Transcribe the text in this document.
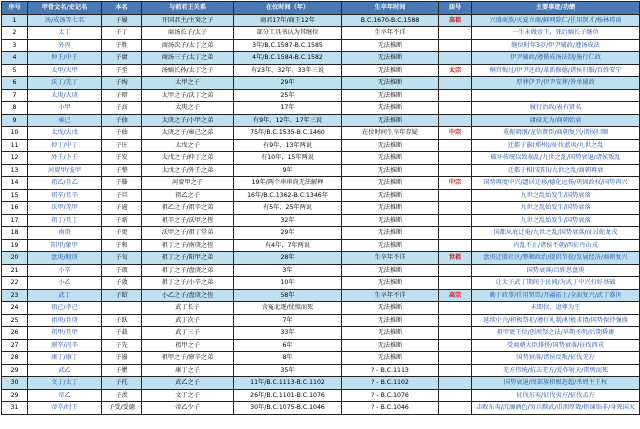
序号	甲骨文名/史记名	本名	与前君王关系	在位时间（年）	生卒年时间	庙号	主要事迹/功绩
1	汤/成汤等七名	子履	开国君主/主癸之子	商君17年/商王12年	B.C.1670-B.C.1588	高祖	兴盛商族/灭夏立商/鲜网除仁/任用贤才/杨林祷雨
2	太丁	子丁	商汤长子/太子	部分工具书认为其继位	生卒年不详		一生未做帝王，死后嫡长子继位
3	外丙	子胜	商汤次子/太丁之弟	3年/B.C.1587-B.C.1585	无法推断		继位时年3岁/伊尹辅政/遵汤成法
4	仲壬/中壬	子庸	商汤三子/太丁之弟	4年/B.C.1584-B.C.1582	无法推断		伊尹辅政/遵循成汤法制/施行仁政
5	太甲/大甲	子至	汤嫡长孙/太丁之子	有23年、32年、33年三说	无法推断	太宗	桐宫悔过/伊尹还政/革新修德/诸侯归服/百姓安宁
6	沃丁/羌丁	子绚	太甲之子	29年	无法推断		厚葬伊尹/伊尹安葬/咎单辅政
7	太庚/大庚	子辩	太甲之子/沃丁之弟	25年	无法推断		
8	小甲	子高	太庚之子	17年	无法推断		履行治政/表有贤名
9	雍己	子伷	太庚之子/小甲之弟	有9年、12年、17年三说	无法推断		庸碌无为/商朝始衰
10	太戊/大戊	子伷	太庚之子/雍己之弟	75年/B.C.1535-B.C.1460	在位时间生卒年存疑	中宗	重振朝纲/宠信贤臣/商朝复兴/诸侯归顺
11	仲丁/中丁	子庄	太戊之子	有9年、13年两说	无法推断		迁都于嚣(郑州)/征伐蓝夷/九世之乱
12	外壬/卜壬	子发	太戊之子/仲丁之弟	有10年、15年两说	无法推断		破坏传统以致祸乱/九世之乱/国势衰退/诸侯叛乱
13	河亶甲/戋甲	子整	太戊之子/外壬之弟	9年	无法推断		迁都于相(安阳)/九世之乱/商朝再衰
14	祖乙/且乙	子滕	河亶甲之子	19年/两个串串尚无法解释	无法推断	中宗	国势再度中兴/遗居迁移/德化远扬/巩固政权/国势再兴
15	祖辛/且辛	子旦	祖乙之子	16年/B.C.1362-B.C.1346年	无法推断		九世之乱始发生/国势衰落
16	沃甲/羌甲	子逾	祖乙之子/祖辛之弟	有5年、25年两说	无法推断		九世之乱始发生/国势衰落
17	祖丁/且丁	子新	祖辛之子/沃甲之侄	32年	无法推断		九世之乱始发生/国势衰落
18	南庚	子更	沃甲之子/祖丁堂弟	29年	无法推断		国都从庇迁奄/九世之乱/国势衰落/征讨蛇龙戎
19	阳甲/象甲	子和	祖丁之子/南庚之侄	有4年、7年两说	无法推断		内乱不止/诸侯不朝/西征丹山戎
20	盘庚/般庚	子旬	祖丁之子/阳甲之弟	28年	生卒年不详	世祖	盘庚迁殷社区/整顿政治/提倡节俭/发展经济/商朝复兴
21	小辛	子颂	祖丁之子/盘庚之弟	3年	无法推断		国势衰落/百姓思盘庚
22	小乙	子敛	祖丁之子/小辛之弟	10年	无法推断		让太子武丁期间于民间/为武丁中兴打好基础
23	武丁	子昭	小乙之子/盘庚之侄	58年	生卒年不详	高宗	勤于政事/任用贤臣/开疆拓土/全面复兴/武丁盛世
24	祖己/孝己		武丁长子	含冤北逐/忧愤而死	无法推断		未即位，追尊为王
25	祖庚/且庚	子跃	武丁次子	7年	无法推断		延续中兴/积极祭祀/遵行礼制/积极求情/国势保持强盛
26	祖甲/且甲	子载	武丁三子	33年	无法推断		祖甲更王位/创周祭之法/早期圣明/后期昏庸
27	廪辛/冯辛	子先	祖甲之子	6年	无法推断		受商朝大臣排挤/国势衰落/征伐西戎
28	康丁/康丁	子嚣	祖甲之子/廪辛之弟	8年	无法推断		国势衰落/诸侯反叛/征伐羌方
29	武乙	子瞿	康丁之子	35年	? - B.C.1113		羌方伟统/抗击羌方/爱作射天/雷劈而死
30	文丁/太丁	子托	武乙之子	11年/B.C.1113-B.C.1102	? - B.C.1102		国势衰退/周部族积极赶超/杀周主王权
29	帝乙	子羡	文丁之子	26年/B.C.1101-B.C.1076	? - B.C.1076		征伐东夷/征伐夷方/征伐孟方
31	帝辛/纣王	子受/受德	帝乙少子	30年/B.C.1075-B.C.1046	? - B.C.1046		击败东夷/沉湎酒色/穷兵黩武/重刑厚敛/拒谏饰非/身死国灭
